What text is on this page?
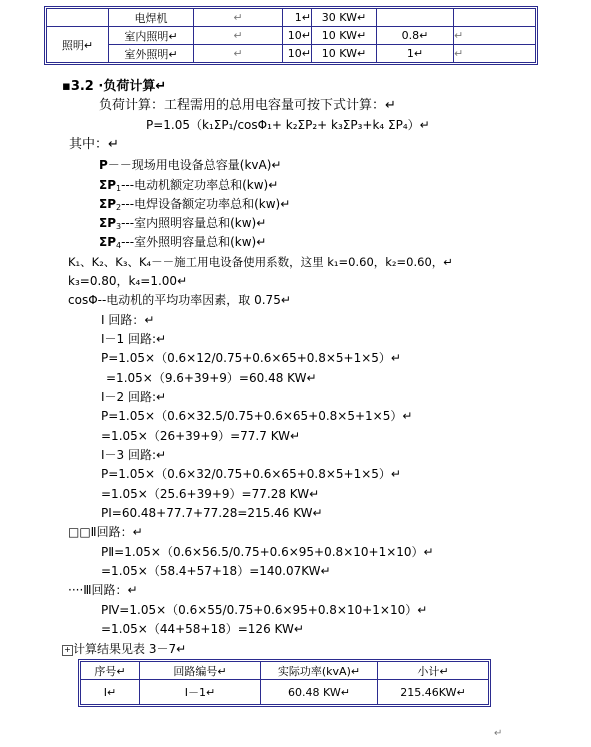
	电焊机	↵	1↵	30 KW↵		
照明↵	室内照明↵	↵	10↵	10 KW↵	0.8↵	↵
	室外照明↵	↵	10↵	10 KW↵	1↵	↵
▪3.2 ·负荷计算↵
负荷计算：工程需用的总用电容量可按下式计算：↵
P=1.05（k₁ΣP₁/cosΦ₁+ k₂ΣP₂+ k₃ΣP₃+k₄ ΣP₄）↵
其中：↵
P－－现场用电设备总容量(kvA)↵
$\Sigma P_1---$电动机额定功率总和(kw)↵
$\Sigma P_2---$电焊设备额定功率总和(kw)↵
$\Sigma P_3---$室内照明容量总和(kw)↵
$\Sigma P_4---$室外照明容量总和(kw)↵
K₁、K₂、K₃、K₄－－施工用电设备使用系数，这里 k₁=0.60，k₂=0.60，↵
k₃=0.80，k₄=1.00↵
cosΦ--电动机的平均功率因素，取 0.75↵
Ⅰ 回路：↵
Ⅰ－1 回路:↵
P=1.05×（0.6×12/0.75+0.6×65+0.8×5+1×5）↵
=1.05×（9.6+39+9）=60.48 KW↵
Ⅰ－2 回路:↵
P=1.05×（0.6×32.5/0.75+0.6×65+0.8×5+1×5）↵
=1.05×（26+39+9）=77.7 KW↵
Ⅰ－3 回路:↵
P=1.05×（0.6×32/0.75+0.6×65+0.8×5+1×5）↵
=1.05×（25.6+39+9）=77.28 KW↵
PⅠ=60.48+77.7+77.28=215.46 KW↵
□□Ⅱ回路：↵
PⅡ=1.05×（0.6×56.5/0.75+0.6×95+0.8×10+1×10）↵
=1.05×（58.4+57+18）=140.07KW↵
····Ⅲ回路：↵
PⅣ=1.05×（0.6×55/0.75+0.6×95+0.8×10+1×10）↵
=1.05×（44+58+18）=126 KW↵
+ 计算结果见表 3－7↵
序号↵	回路编号↵	实际功率(kvA)↵	小计↵
Ⅰ↵	Ⅰ－1↵	60.48 KW↵	215.46KW↵
↵
